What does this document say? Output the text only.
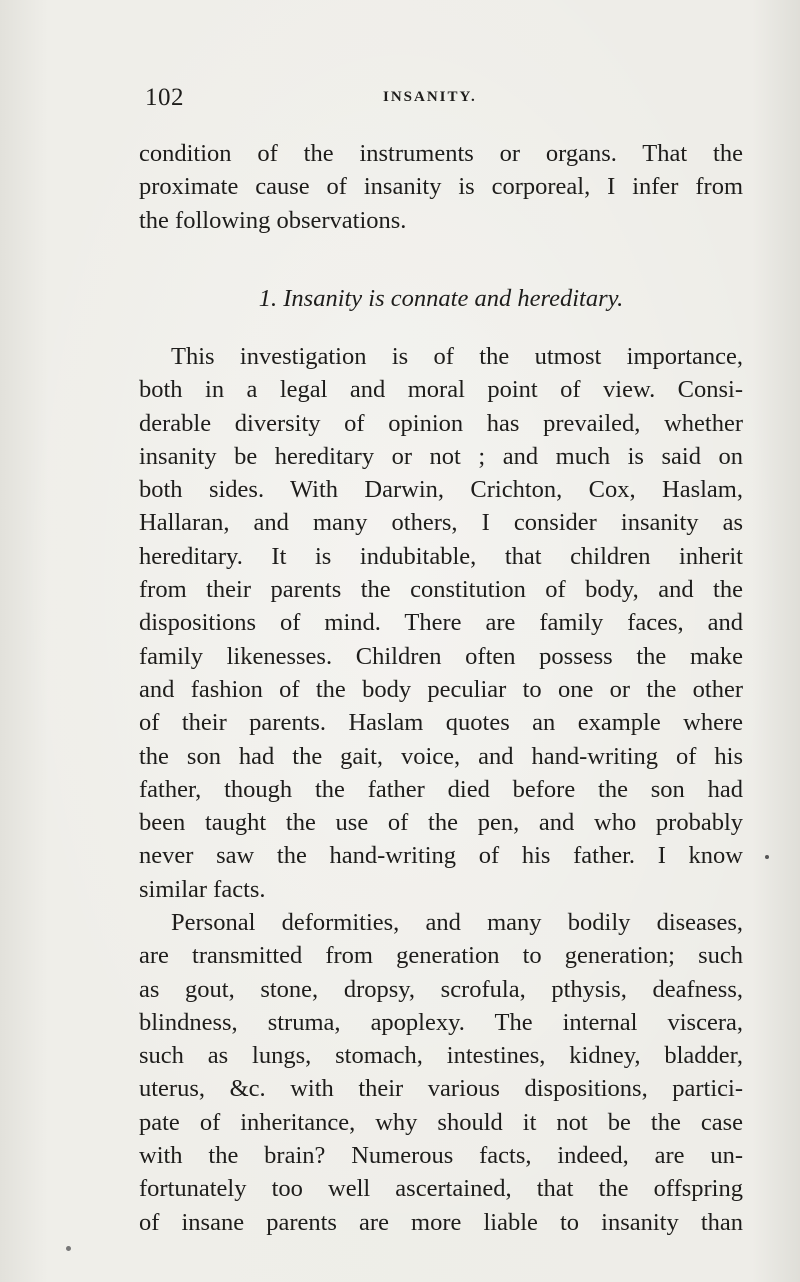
102	INSANITY.
condition of the instruments or organs. That the
proximate cause of insanity is corporeal, I infer from
the following observations.
1. Insanity is connate and hereditary.
This investigation is of the utmost importance,
both in a legal and moral point of view. Consi-
derable diversity of opinion has prevailed, whether
insanity be hereditary or not ; and much is said on
both sides. With Darwin, Crichton, Cox, Haslam,
Hallaran, and many others, I consider insanity as
hereditary. It is indubitable, that children inherit
from their parents the constitution of body, and the
dispositions of mind. There are family faces, and
family likenesses. Children often possess the make
and fashion of the body peculiar to one or the other
of their parents. Haslam quotes an example where
the son had the gait, voice, and hand-writing of his
father, though the father died before the son had
been taught the use of the pen, and who probably
never saw the hand-writing of his father. I know
similar facts.
Personal deformities, and many bodily diseases,
are transmitted from generation to generation; such
as gout, stone, dropsy, scrofula, pthysis, deafness,
blindness, struma, apoplexy. The internal viscera,
such as lungs, stomach, intestines, kidney, bladder,
uterus, &c. with their various dispositions, partici-
pate of inheritance, why should it not be the case
with the brain? Numerous facts, indeed, are un-
fortunately too well ascertained, that the offspring
of insane parents are more liable to insanity than
